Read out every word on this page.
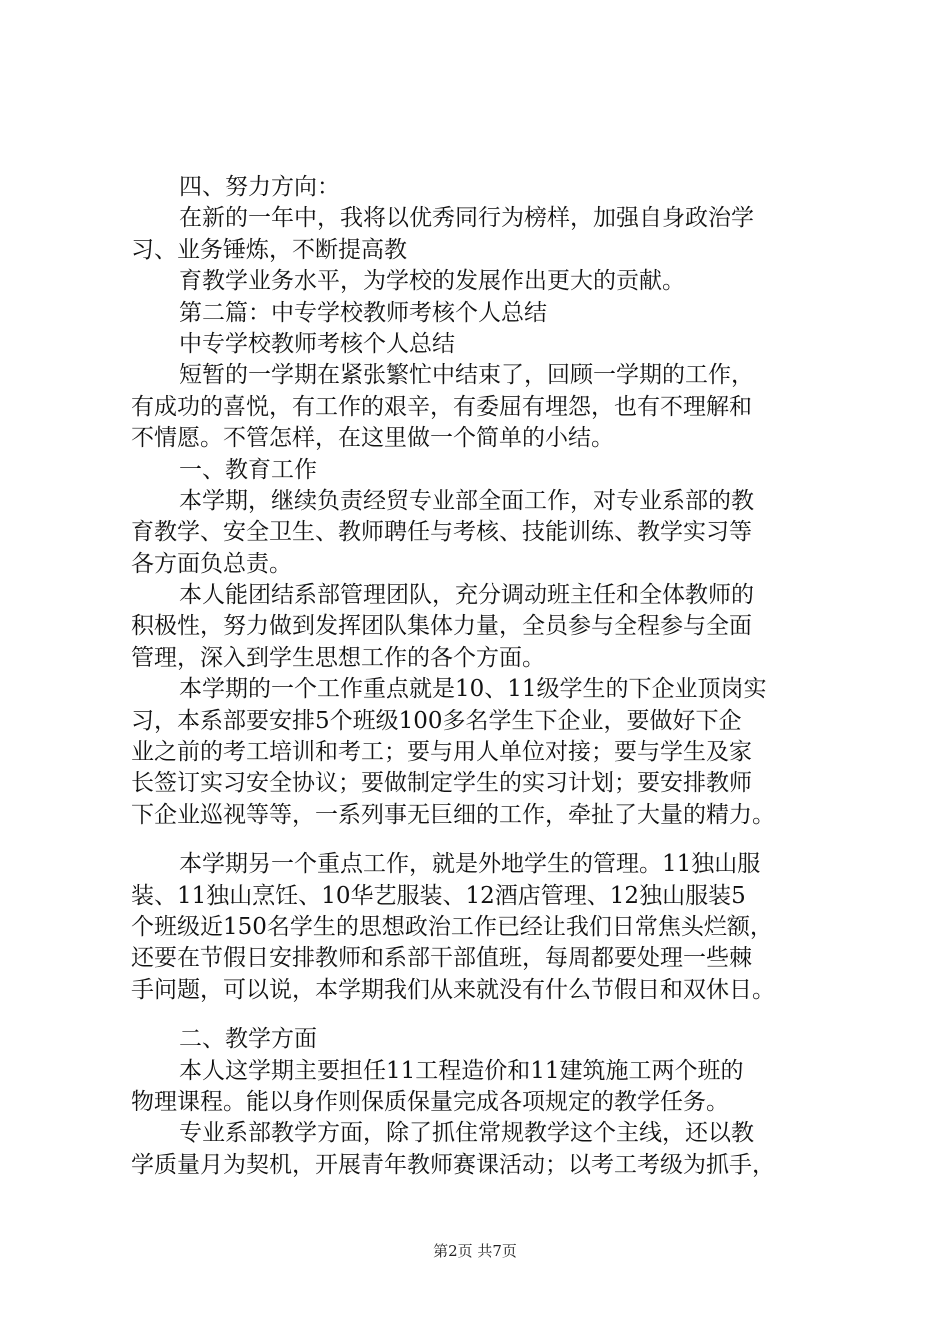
四、努力方向：
在新的一年中，我将以优秀同行为榜样，加强自身政治学
习、业务锤炼，不断提高教
育教学业务水平，为学校的发展作出更大的贡献。
第二篇：中专学校教师考核个人总结
中专学校教师考核个人总结
短暂的一学期在紧张繁忙中结束了，回顾一学期的工作，
有成功的喜悦，有工作的艰辛，有委屈有埋怨，也有不理解和
不情愿。不管怎样，在这里做一个简单的小结。
一、教育工作
本学期，继续负责经贸专业部全面工作，对专业系部的教
育教学、安全卫生、教师聘任与考核、技能训练、教学实习等
各方面负总责。
本人能团结系部管理团队，充分调动班主任和全体教师的
积极性，努力做到发挥团队集体力量，全员参与全程参与全面
管理，深入到学生思想工作的各个方面。
本学期的一个工作重点就是10、11级学生的下企业顶岗实
习，本系部要安排5个班级100多名学生下企业，要做好下企
业之前的考工培训和考工；要与用人单位对接；要与学生及家
长签订实习安全协议；要做制定学生的实习计划；要安排教师
下企业巡视等等，一系列事无巨细的工作，牵扯了大量的精力。
本学期另一个重点工作，就是外地学生的管理。11独山服
装、11独山烹饪、10华艺服装、12酒店管理、12独山服装5
个班级近150名学生的思想政治工作已经让我们日常焦头烂额，
还要在节假日安排教师和系部干部值班，每周都要处理一些棘
手问题，可以说，本学期我们从来就没有什么节假日和双休日。
二、教学方面
本人这学期主要担任11工程造价和11建筑施工两个班的
物理课程。能以身作则保质保量完成各项规定的教学任务。
专业系部教学方面，除了抓住常规教学这个主线，还以教
学质量月为契机，开展青年教师赛课活动；以考工考级为抓手，
第2页 共7页
